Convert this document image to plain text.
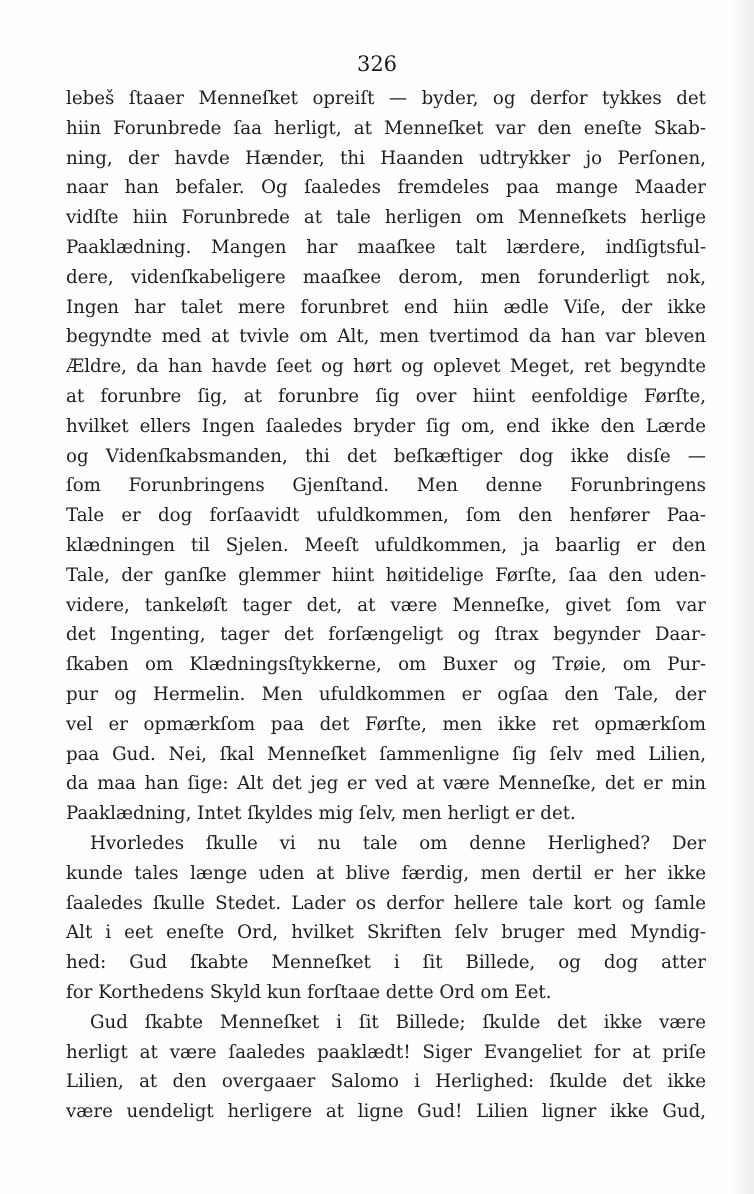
326
lebeš ſtaaer Menneſket opreiſt — byder, og derfor tykkes det
hiin Forunbrede ſaa herligt, at Menneſket var den eneſte Skab-
ning, der havde Hænder, thi Haanden udtrykker jo Perſonen,
naar han befaler. Og ſaaledes fremdeles paa mange Maader
vidſte hiin Forunbrede at tale herligen om Menneſkets herlige
Paaklædning. Mangen har maaſkee talt lærdere, indſigtsful-
dere, videnſkabeligere maaſkee derom, men forunderligt nok,
Ingen har talet mere forunbret end hiin ædle Viſe, der ikke
begyndte med at tvivle om Alt, men tvertimod da han var bleven
Ældre, da han havde ſeet og hørt og oplevet Meget, ret begyndte
at forunbre ſig, at forunbre ſig over hiint eenfoldige Førſte,
hvilket ellers Ingen ſaaledes bryder ſig om, end ikke den Lærde
og Videnſkabsmanden, thi det beſkæftiger dog ikke disſe —
ſom Forunbringens Gjenſtand. Men denne Forunbringens
Tale er dog forſaavidt ufuldkommen, ſom den henfører Paa-
klædningen til Sjelen. Meeſt ufuldkommen, ja baarlig er den
Tale, der ganſke glemmer hiint høitidelige Førſte, ſaa den uden-
videre, tankeløſt tager det, at være Menneſke, givet ſom var
det Ingenting, tager det forſængeligt og ſtrax begynder Daar-
ſkaben om Klædningsſtykkerne, om Buxer og Trøie, om Pur-
pur og Hermelin. Men ufuldkommen er ogſaa den Tale, der
vel er opmærkſom paa det Førſte, men ikke ret opmærkſom
paa Gud. Nei, ſkal Menneſket ſammenligne ſig ſelv med Lilien,
da maa han ſige: Alt det jeg er ved at være Menneſke, det er min
Paaklædning, Intet ſkyldes mig ſelv, men herligt er det.
Hvorledes ſkulle vi nu tale om denne Herlighed? Der
kunde tales længe uden at blive færdig, men dertil er her ikke
ſaaledes ſkulle Stedet. Lader os derfor hellere tale kort og ſamle
Alt i eet eneſte Ord, hvilket Skriften ſelv bruger med Myndig-
hed: Gud ſkabte Menneſket i ſit Billede, og dog atter
for Korthedens Skyld kun forſtaae dette Ord om Eet.
Gud ſkabte Menneſket i ſit Billede; ſkulde det ikke være
herligt at være ſaaledes paaklædt! Siger Evangeliet for at priſe
Lilien, at den overgaaer Salomo i Herlighed: ſkulde det ikke
være uendeligt herligere at ligne Gud! Lilien ligner ikke Gud,
